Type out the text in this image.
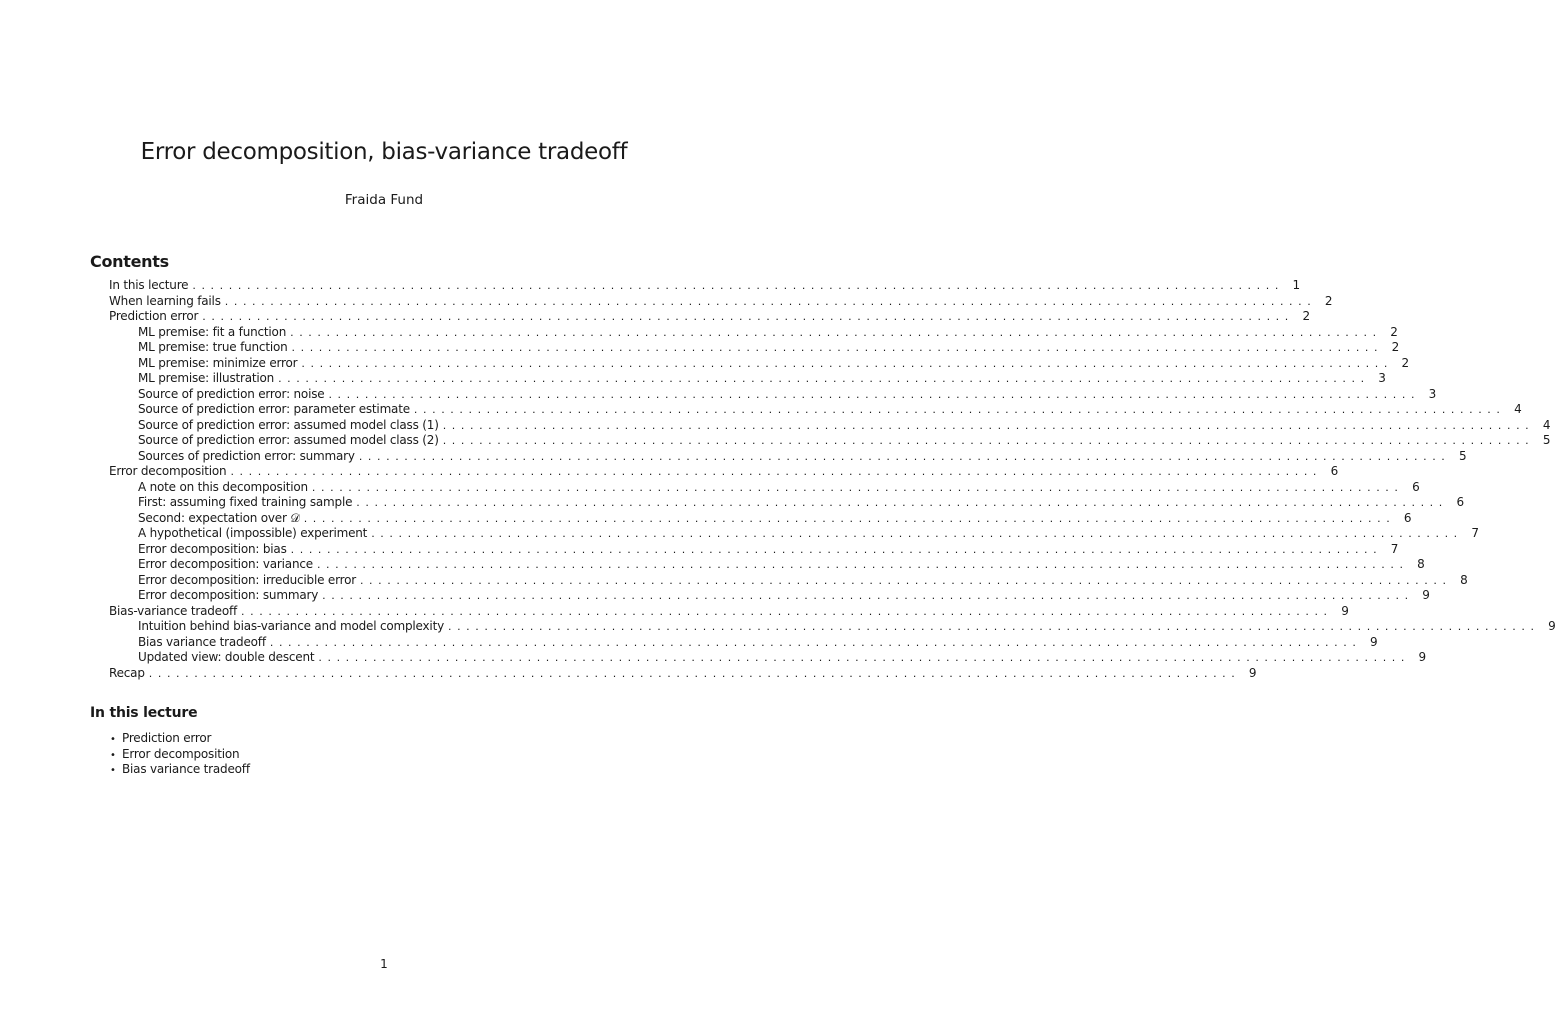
Error decomposition, bias-variance tradeoff
Fraida Fund
Contents
In this lecture ........................................................................................................................ 1
When learning fails ........................................................................................................................ 2
Prediction error ........................................................................................................................ 2
ML premise: fit a function ........................................................................................................................ 2
ML premise: true function ........................................................................................................................ 2
ML premise: minimize error ........................................................................................................................ 2
ML premise: illustration ........................................................................................................................ 3
Source of prediction error: noise ........................................................................................................................ 3
Source of prediction error: parameter estimate ........................................................................................................................ 4
Source of prediction error: assumed model class (1) ........................................................................................................................ 4
Source of prediction error: assumed model class (2) ........................................................................................................................ 5
Sources of prediction error: summary ........................................................................................................................ 5
Error decomposition ........................................................................................................................ 6
A note on this decomposition ........................................................................................................................ 6
First: assuming fixed training sample ........................................................................................................................ 6
Second: expectation over 𝒟 ........................................................................................................................ 6
A hypothetical (impossible) experiment ........................................................................................................................ 7
Error decomposition: bias ........................................................................................................................ 7
Error decomposition: variance ........................................................................................................................ 8
Error decomposition: irreducible error ........................................................................................................................ 8
Error decomposition: summary ........................................................................................................................ 9
Bias-variance tradeoff ........................................................................................................................ 9
Intuition behind bias-variance and model complexity ........................................................................................................................ 9
Bias variance tradeoff ........................................................................................................................ 9
Updated view: double descent ........................................................................................................................ 9
Recap ........................................................................................................................ 9
In this lecture
• Prediction error
• Error decomposition
• Bias variance tradeoff
1
